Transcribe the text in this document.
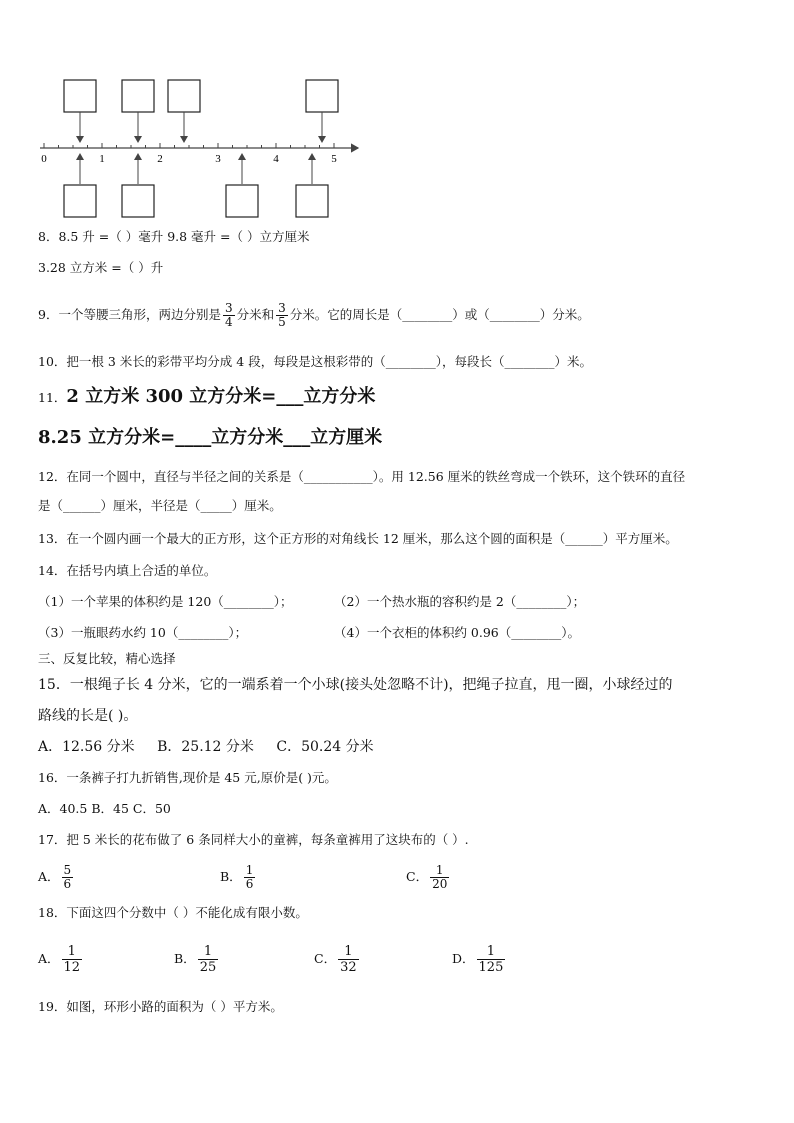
0	1	2	3	4	5
8．8.5 升 =（ ）毫升 9.8 毫升 =（ ）立方厘米
3.28 立方米 =（ ）升
9．一个等腰三角形，两边分别是 $\frac{3}{4}$ 分米和 $\frac{3}{5}$ 分米。它的周长是（________）或（________）分米。
10．把一根 3 米长的彩带平均分成 4 段，每段是这根彩带的（________），每段长（________）米。
11．2 立方米 300 立方分米=___立方分米
8.25 立方分米=____立方分米___立方厘米
12．在同一个圆中，直径与半径之间的关系是（___________）。用 12.56 厘米的铁丝弯成一个铁环，这个铁环的直径
是（______）厘米，半径是（_____）厘米。
13．在一个圆内画一个最大的正方形，这个正方形的对角线长 12 厘米，那么这个圆的面积是（______）平方厘米。
14．在括号内填上合适的单位。
（1）一个苹果的体积约是 120（________）；	（2）一个热水瓶的容积约是 2（________）；
（3）一瓶眼药水约 10（________）；	（4）一个衣柜的体积约 0.96（________）。
三、反复比较，精心选择
15．一根绳子长 4 分米，它的一端系着一个小球(接头处忽略不计)，把绳子拉直，甩一圈，小球经过的
路线的长是( )。
A．12.56 分米 B．25.12 分米 C．50.24 分米
16．一条裤子打九折销售,现价是 45 元,原价是( )元。
A．40.5 B．45 C．50
17．把 5 米长的花布做了 6 条同样大小的童裤，每条童裤用了这块布的（ ）.
A． $\frac{5}{6}$	B． $\frac{1}{6}$	C． $\frac{1}{20}$
18．下面这四个分数中（ ）不能化成有限小数。
A． $\frac{1}{12}$	B． $\frac{1}{25}$	C． $\frac{1}{32}$	D． $\frac{1}{125}$
19．如图，环形小路的面积为（ ）平方米。
